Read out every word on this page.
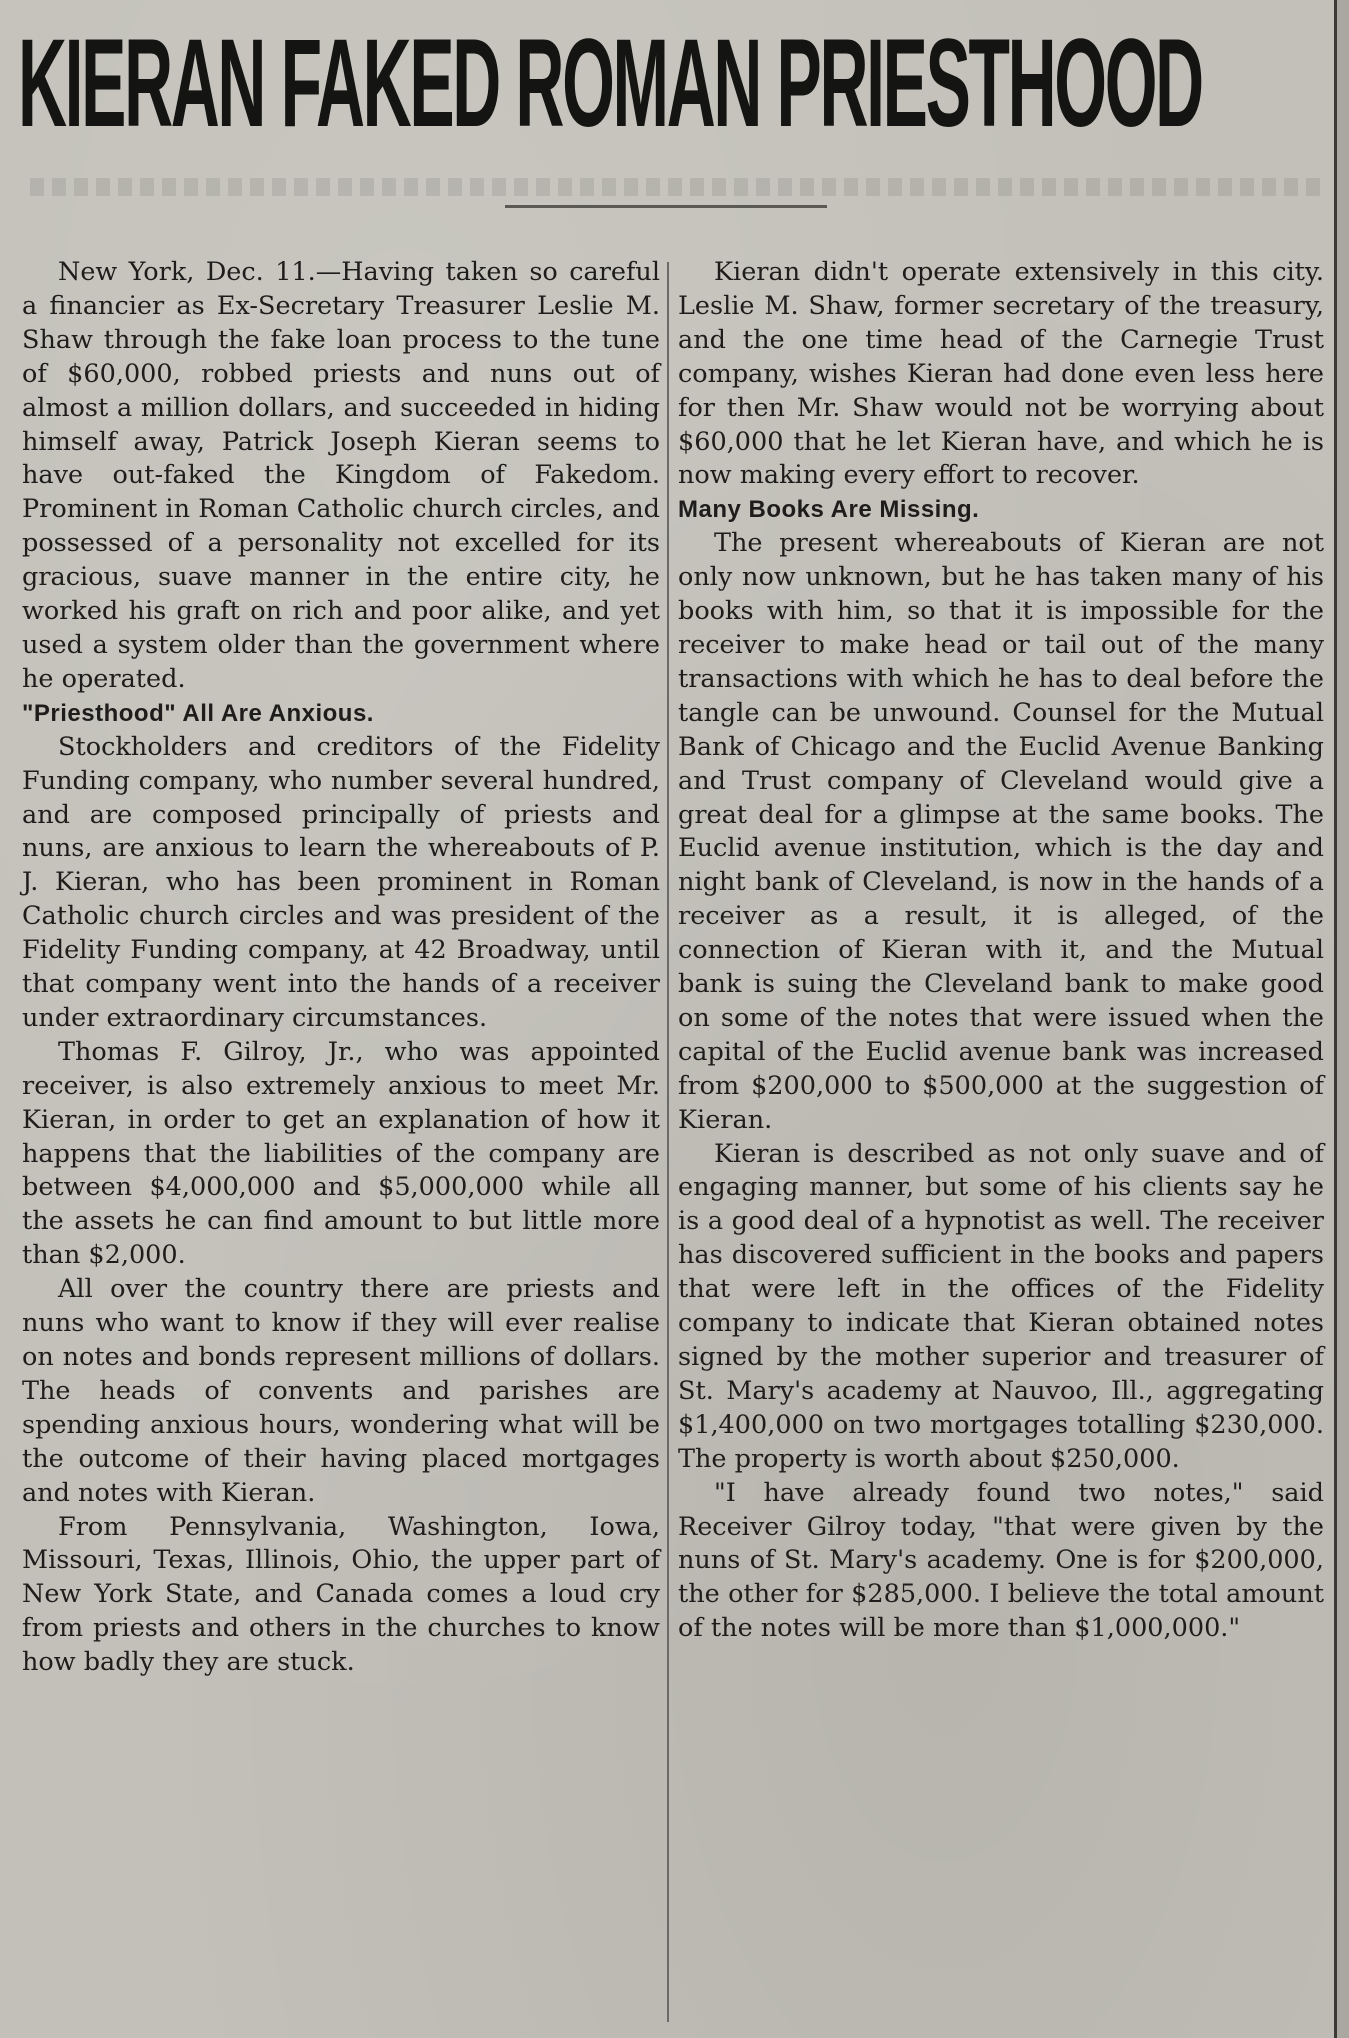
KIERAN FAKED ROMAN PRIESTHOOD

New York, Dec. 11.—Having taken so careful a financier as Ex-Secretary Treasurer Leslie M. Shaw through the fake loan process to the tune of $60,000, robbed priests and nuns out of almost a million dollars, and succeeded in hiding himself away, Patrick Joseph Kieran seems to have out-faked the Kingdom of Fakedom. Prominent in Roman Catholic church circles, and possessed of a personality not excelled for its gracious, suave manner in the entire city, he worked his graft on rich and poor alike, and yet used a system older than the government where he operated.

"Priesthood" All Are Anxious.

Stockholders and creditors of the Fidelity Funding company, who number several hundred, and are composed principally of priests and nuns, are anxious to learn the whereabouts of P. J. Kieran, who has been prominent in Roman Catholic church circles and was president of the Fidelity Funding company, at 42 Broadway, until that company went into the hands of a receiver under extraordinary circumstances.

Thomas F. Gilroy, Jr., who was appointed receiver, is also extremely anxious to meet Mr. Kieran, in order to get an explanation of how it happens that the liabilities of the company are between $4,000,000 and $5,000,000 while all the assets he can find amount to but little more than $2,000.

All over the country there are priests and nuns who want to know if they will ever realise on notes and bonds represent millions of dollars. The heads of convents and parishes are spending anxious hours, wondering what will be the outcome of their having placed mortgages and notes with Kieran.

From Pennsylvania, Washington, Iowa, Missouri, Texas, Illinois, Ohio, the upper part of New York State, and Canada comes a loud cry from priests and others in the churches to know how badly they are stuck.

Kieran didn't operate extensively in this city. Leslie M. Shaw, former secretary of the treasury, and the one time head of the Carnegie Trust company, wishes Kieran had done even less here for then Mr. Shaw would not be worrying about $60,000 that he let Kieran have, and which he is now making every effort to recover.

Many Books Are Missing.

The present whereabouts of Kieran are not only now unknown, but he has taken many of his books with him, so that it is impossible for the receiver to make head or tail out of the many transactions with which he has to deal before the tangle can be unwound. Counsel for the Mutual Bank of Chicago and the Euclid Avenue Banking and Trust company of Cleveland would give a great deal for a glimpse at the same books. The Euclid avenue institution, which is the day and night bank of Cleveland, is now in the hands of a receiver as a result, it is alleged, of the connection of Kieran with it, and the Mutual bank is suing the Cleveland bank to make good on some of the notes that were issued when the capital of the Euclid avenue bank was increased from $200,000 to $500,000 at the suggestion of Kieran.

Kieran is described as not only suave and of engaging manner, but some of his clients say he is a good deal of a hypnotist as well. The receiver has discovered sufficient in the books and papers that were left in the offices of the Fidelity company to indicate that Kieran obtained notes signed by the mother superior and treasurer of St. Mary's academy at Nauvoo, Ill., aggregating $1,400,000 on two mortgages totalling $230,000. The property is worth about $250,000.

"I have already found two notes," said Receiver Gilroy today, "that were given by the nuns of St. Mary's academy. One is for $200,000, the other for $285,000. I believe the total amount of the notes will be more than $1,000,000."
